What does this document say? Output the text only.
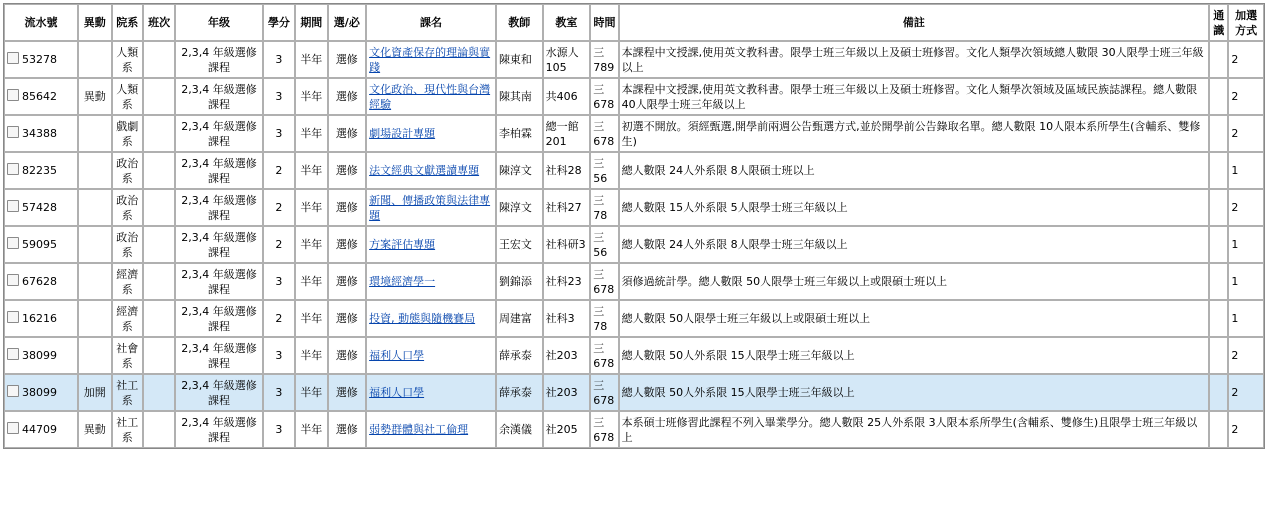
流水號	異動	院系	班次	年级	學分	期間	選/必	課名	教師	教室	時間	備註	通識	加選方式
53278		人類系		2,3,4 年級選修課程	3	半年	選修	文化資產保存的理論與實踐	陳東和	水源人105	三789	本課程中文授課,使用英文教科書。限學士班三年級以上及碩士班修習。文化人類學次領域總人數限 30人限學士班三年級以上		2
85642	異動	人類系		2,3,4 年級選修課程	3	半年	選修	文化政治、現代性與台灣經驗	陳其南	共406	三678	本課程中文授課,使用英文教科書。限學士班三年級以上及碩士班修習。文化人類學次領域及區域民族誌課程。總人數限 40人限學士班三年級以上		2
34388		戲劇系		2,3,4 年級選修課程	3	半年	選修	劇場設計專題	李柏霖	總一館201	三678	初選不開放。須經甄選,開學前兩週公告甄選方式,並於開學前公告錄取名單。總人數限 10人限本系所學生(含輔系、雙修生)		2
82235		政治系		2,3,4 年級選修課程	2	半年	選修	法文經典文獻選讀專題	陳淳文	社科28	三56	總人數限 24人外系限 8人限碩士班以上		1
57428		政治系		2,3,4 年級選修課程	2	半年	選修	新聞、傳播政策與法律專題	陳淳文	社科27	三78	總人數限 15人外系限 5人限學士班三年級以上		2
59095		政治系		2,3,4 年級選修課程	2	半年	選修	方案評估專題	王宏文	社科研3	三56	總人數限 24人外系限 8人限學士班三年級以上		1
67628		經濟系		2,3,4 年級選修課程	3	半年	選修	環境經濟學一	劉錦添	社科23	三678	須修過統計學。總人數限 50人限學士班三年級以上或限碩士班以上		1
16216		經濟系		2,3,4 年級選修課程	2	半年	選修	投資, 動態與隨機賽局	周建富	社科3	三78	總人數限 50人限學士班三年級以上或限碩士班以上		1
38099		社會系		2,3,4 年級選修課程	3	半年	選修	福利人口學	薛承泰	社203	三678	總人數限 50人外系限 15人限學士班三年級以上		2
38099	加開	社工系		2,3,4 年級選修課程	3	半年	選修	福利人口學	薛承泰	社203	三678	總人數限 50人外系限 15人限學士班三年級以上		2
44709	異動	社工系		2,3,4 年級選修課程	3	半年	選修	弱勢群體與社工倫理	余漢儀	社205	三678	本系碩士班修習此課程不列入畢業學分。總人數限 25人外系限 3人限本系所學生(含輔系、雙修生)且限學士班三年級以上		2
